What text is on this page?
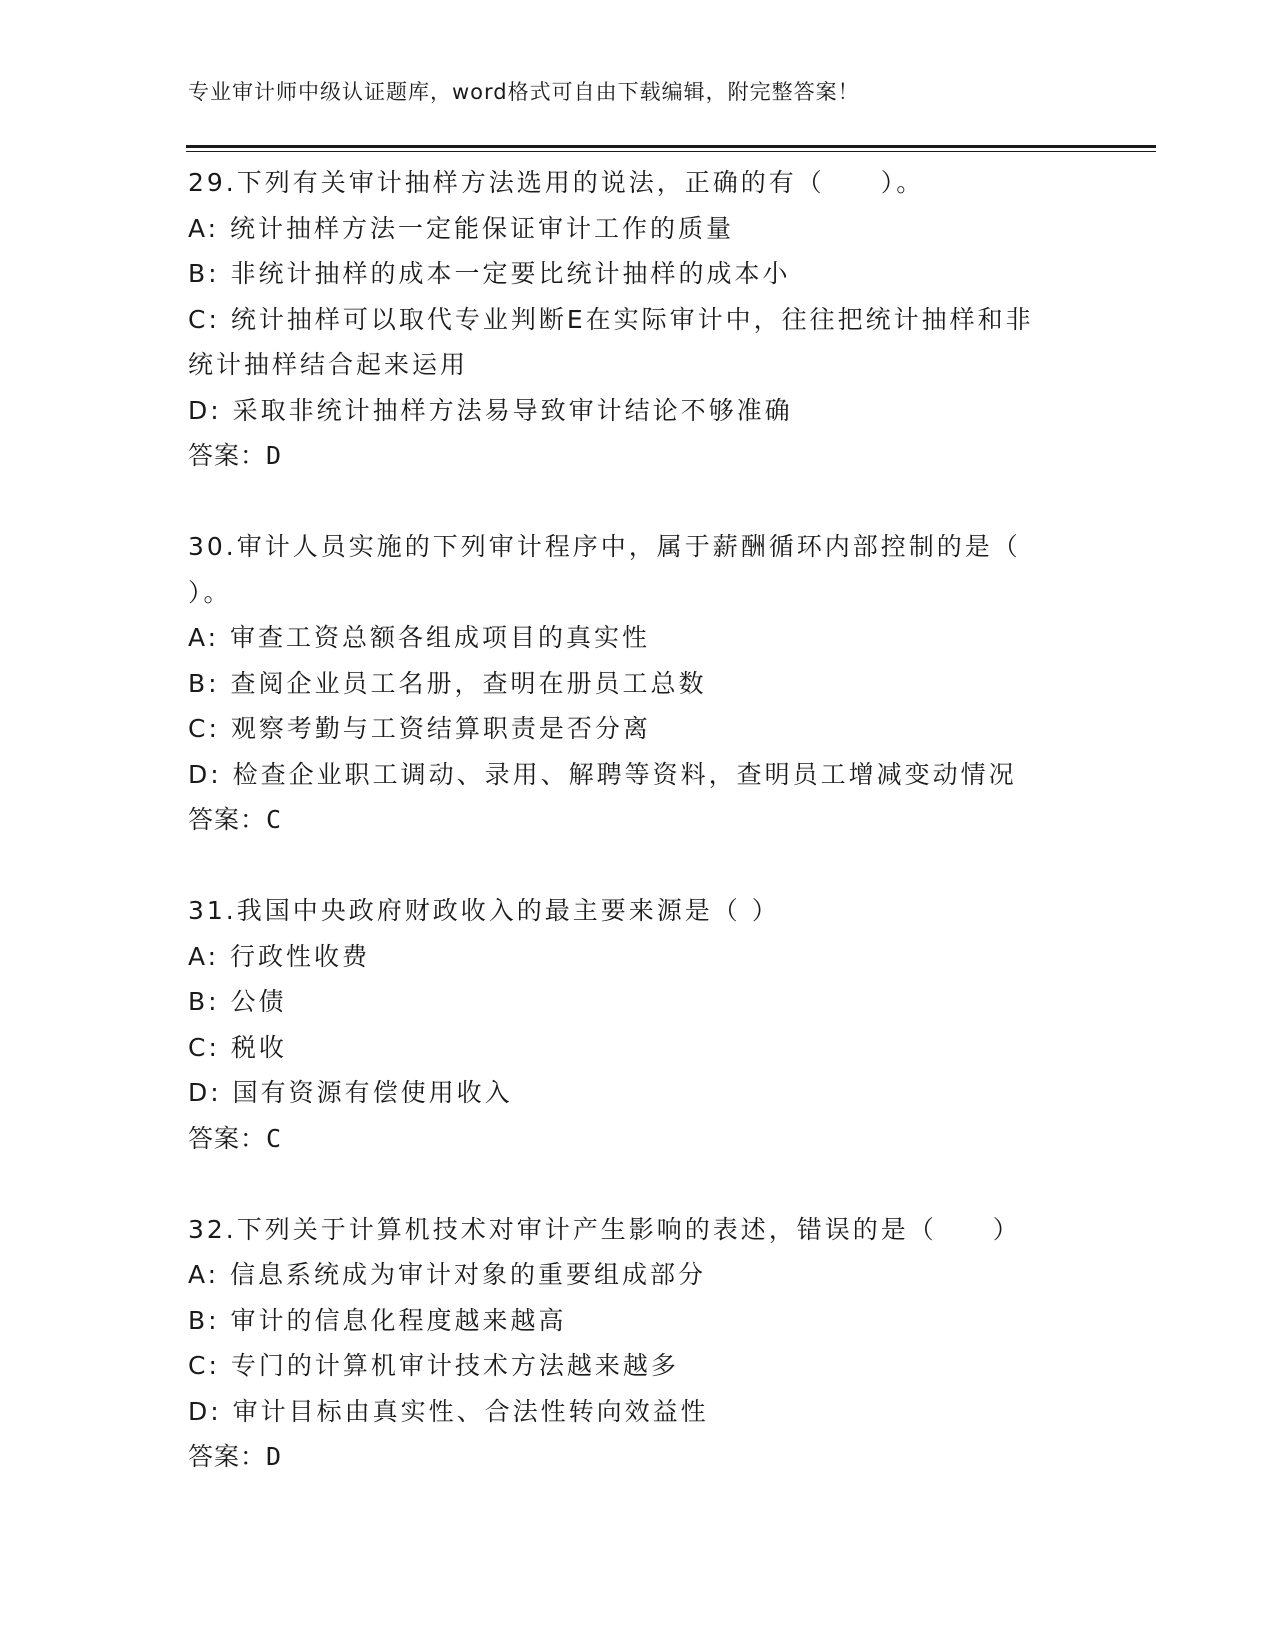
专业审计师中级认证题库，word格式可自由下载编辑，附完整答案！
29.下列有关审计抽样方法选用的说法，正确的有（　　）。
A: 统计抽样方法一定能保证审计工作的质量
B: 非统计抽样的成本一定要比统计抽样的成本小
C: 统计抽样可以取代专业判断E在实际审计中，往往把统计抽样和非
统计抽样结合起来运用
D: 采取非统计抽样方法易导致审计结论不够准确
答案：D
30.审计人员实施的下列审计程序中，属于薪酬循环内部控制的是（
）。
A: 审查工资总额各组成项目的真实性
B: 查阅企业员工名册，查明在册员工总数
C: 观察考勤与工资结算职责是否分离
D: 检查企业职工调动、录用、解聘等资料，查明员工增减变动情况
答案：C
31.我国中央政府财政收入的最主要来源是（ ）
A: 行政性收费
B: 公债
C: 税收
D: 国有资源有偿使用收入
答案：C
32.下列关于计算机技术对审计产生影响的表述，错误的是（　　）
A: 信息系统成为审计对象的重要组成部分
B: 审计的信息化程度越来越高
C: 专门的计算机审计技术方法越来越多
D: 审计目标由真实性、合法性转向效益性
答案：D
